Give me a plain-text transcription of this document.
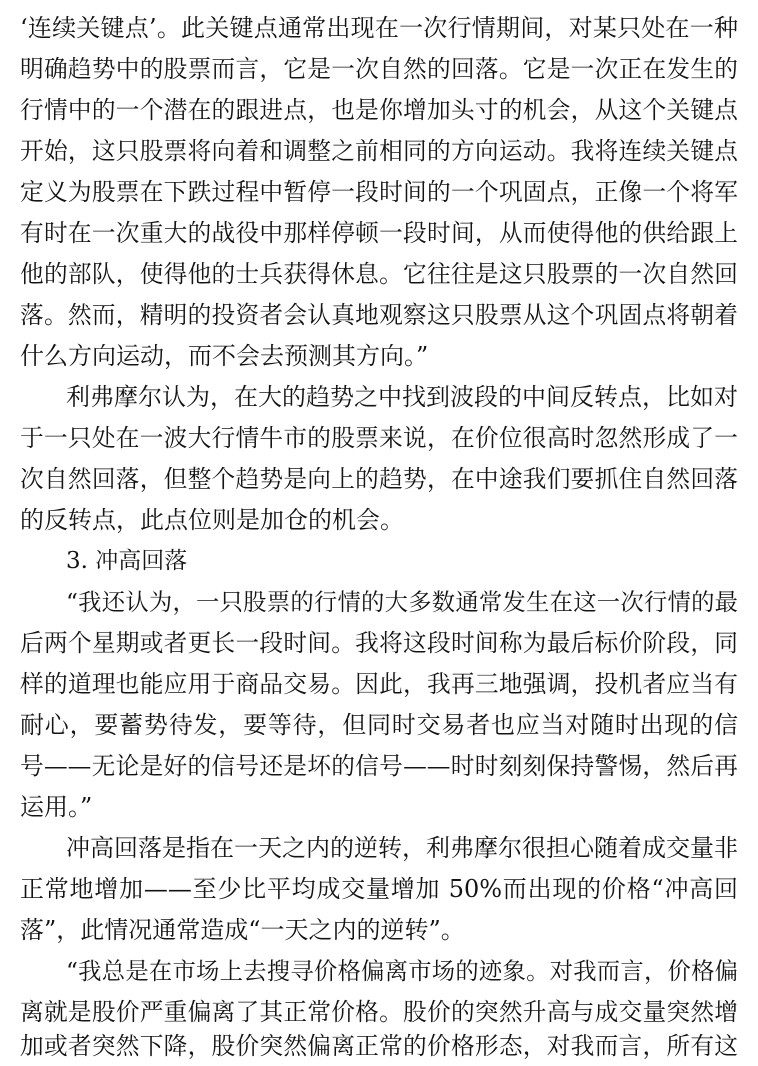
‘连续关键点’。此关键点通常出现在一次行情期间，对某只处在一种
明确趋势中的股票而言，它是一次自然的回落。它是一次正在发生的
行情中的一个潜在的跟进点，也是你增加头寸的机会，从这个关键点
开始，这只股票将向着和调整之前相同的方向运动。我将连续关键点
定义为股票在下跌过程中暂停一段时间的一个巩固点，正像一个将军
有时在一次重大的战役中那样停顿一段时间，从而使得他的供给跟上
他的部队，使得他的士兵获得休息。它往往是这只股票的一次自然回
落。然而，精明的投资者会认真地观察这只股票从这个巩固点将朝着
什么方向运动，而不会去预测其方向。”
利弗摩尔认为，在大的趋势之中找到波段的中间反转点，比如对
于一只处在一波大行情牛市的股票来说，在价位很高时忽然形成了一
次自然回落，但整个趋势是向上的趋势，在中途我们要抓住自然回落
的反转点，此点位则是加仓的机会。
3. 冲高回落
“我还认为，一只股票的行情的大多数通常发生在这一次行情的最
后两个星期或者更长一段时间。我将这段时间称为最后标价阶段，同
样的道理也能应用于商品交易。因此，我再三地强调，投机者应当有
耐心，要蓄势待发，要等待，但同时交易者也应当对随时出现的信
号——无论是好的信号还是坏的信号——时时刻刻保持警惕，然后再
运用。”
冲高回落是指在一天之内的逆转，利弗摩尔很担心随着成交量非
正常地增加——至少比平均成交量增加 50%而出现的价格“冲高回
落”，此情况通常造成“一天之内的逆转”。
“我总是在市场上去搜寻价格偏离市场的迹象。对我而言，价格偏
离就是股价严重偏离了其正常价格。股价的突然升高与成交量突然增
加或者突然下降，股价突然偏离正常的价格形态，对我而言，所有这
